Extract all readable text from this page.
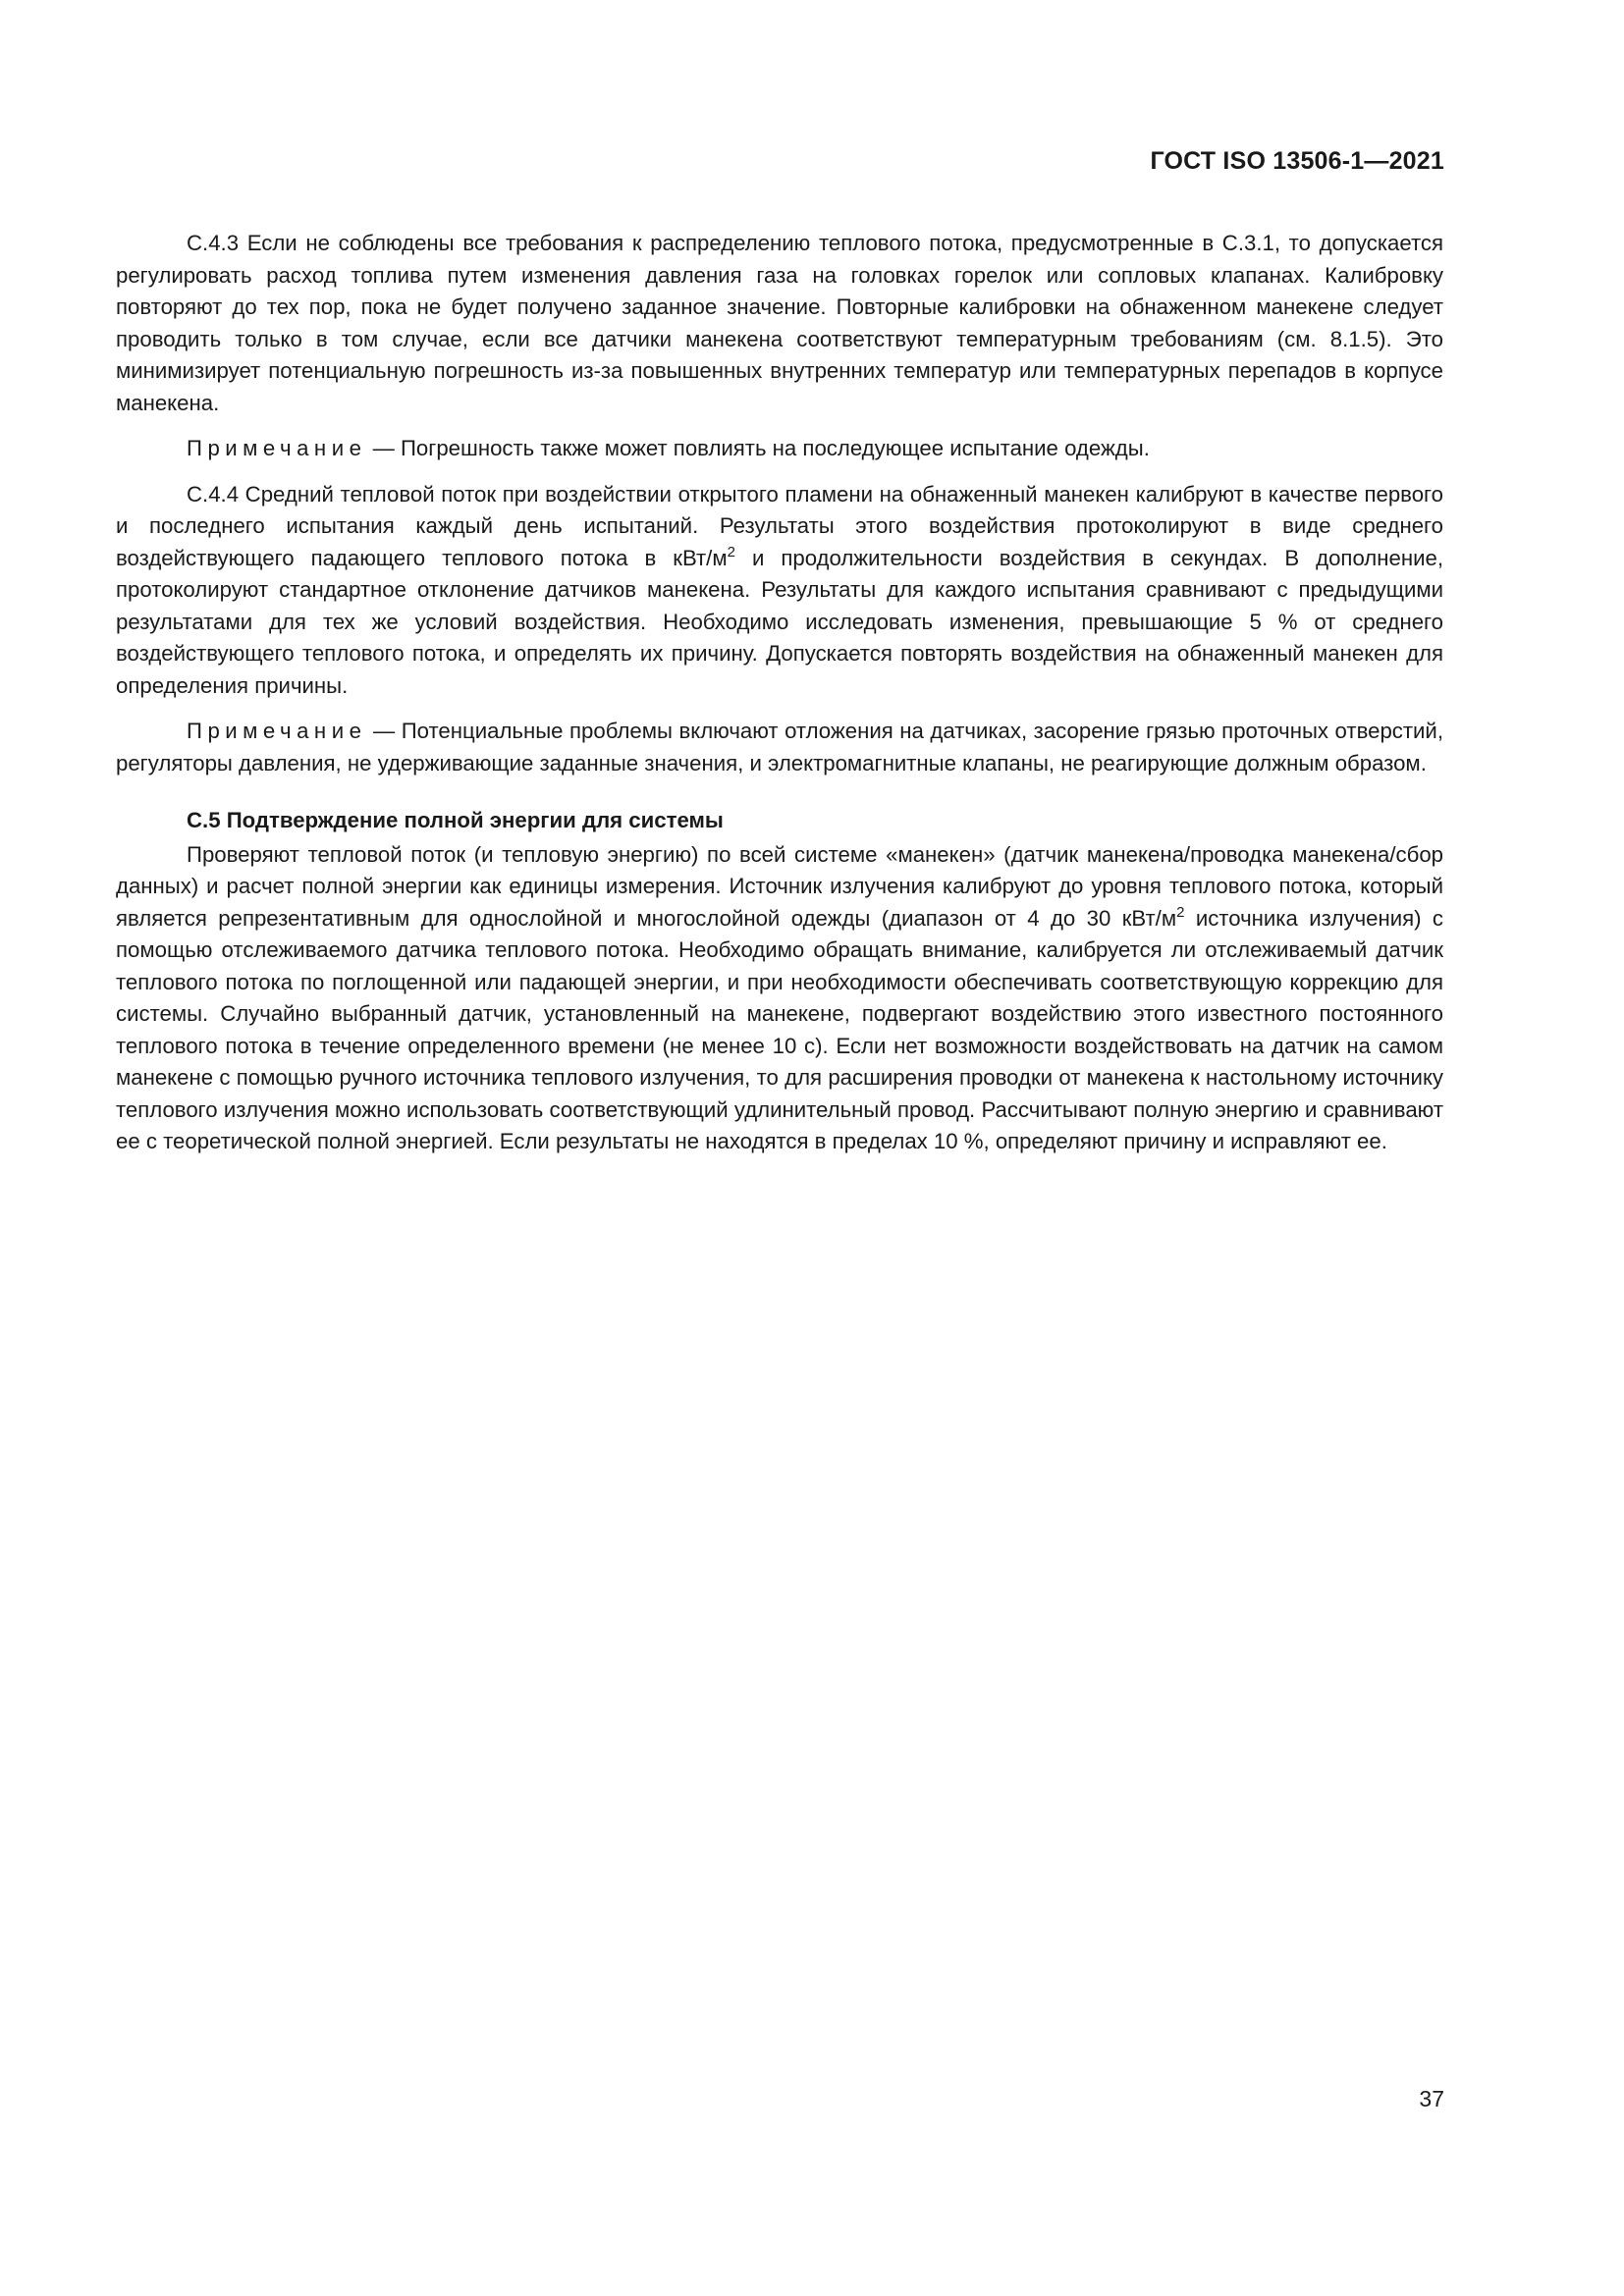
ГОСТ ISO 13506-1—2021

С.4.3 Если не соблюдены все требования к распределению теплового потока, предусмотренные в С.3.1, то допускается регулировать расход топлива путем изменения давления газа на головках горелок или сопловых клапанах. Калибровку повторяют до тех пор, пока не будет получено заданное значение. Повторные калибровки на обнаженном манекене следует проводить только в том случае, если все датчики манекена соответствуют температурным требованиям (см. 8.1.5). Это минимизирует потенциальную погрешность из-за повышенных внутренних температур или температурных перепадов в корпусе манекена.

Примечание — Погрешность также может повлиять на последующее испытание одежды.

С.4.4 Средний тепловой поток при воздействии открытого пламени на обнаженный манекен калибруют в качестве первого и последнего испытания каждый день испытаний. Результаты этого воздействия протоколируют в виде среднего воздействующего падающего теплового потока в кВт/$м^2$ и продолжительности воздействия в секундах. В дополнение, протоколируют стандартное отклонение датчиков манекена. Результаты для каждого испытания сравнивают с предыдущими результатами для тех же условий воздействия. Необходимо исследовать изменения, превышающие 5 % от среднего воздействующего теплового потока, и определять их причину. Допускается повторять воздействия на обнаженный манекен для определения причины.

Примечание — Потенциальные проблемы включают отложения на датчиках, засорение грязью проточных отверстий, регуляторы давления, не удерживающие заданные значения, и электромагнитные клапаны, не реагирующие должным образом.

С.5 Подтверждение полной энергии для системы

Проверяют тепловой поток (и тепловую энергию) по всей системе «манекен» (датчик манекена/проводка манекена/сбор данных) и расчет полной энергии как единицы измерения. Источник излучения калибруют до уровня теплового потока, который является репрезентативным для однослойной и многослойной одежды (диапазон от 4 до 30 кВт/$м^2$ источника излучения) с помощью отслеживаемого датчика теплового потока. Необходимо обращать внимание, калибруется ли отслеживаемый датчик теплового потока по поглощенной или падающей энергии, и при необходимости обеспечивать соответствующую коррекцию для системы. Случайно выбранный датчик, установленный на манекене, подвергают воздействию этого известного постоянного теплового потока в течение определенного времени (не менее 10 с). Если нет возможности воздействовать на датчик на самом манекене с помощью ручного источника теплового излучения, то для расширения проводки от манекена к настольному источнику теплового излучения можно использовать соответствующий удлинительный провод. Рассчитывают полную энергию и сравнивают ее с теоретической полной энергией. Если результаты не находятся в пределах 10 %, определяют причину и исправляют ее.

37
